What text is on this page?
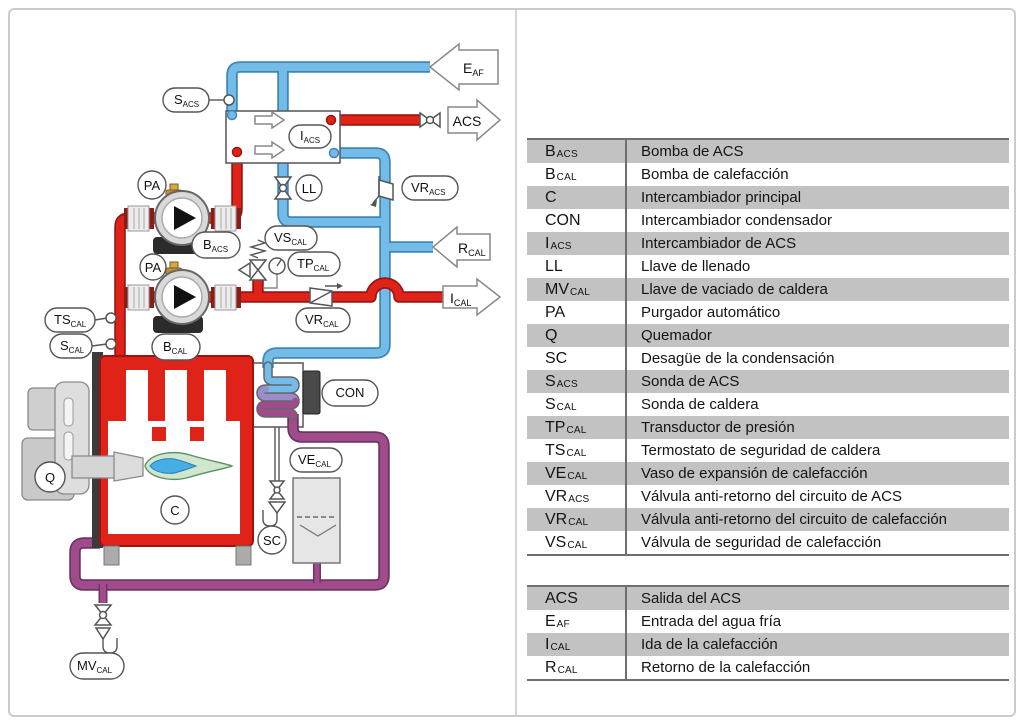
$E_{AF}$
ACS
$R_{CAL}$
$I_{CAL}$
$S_{ACS}$
$I_{ACS}$
LL	$VR_{ACS}$
PA
PA
$B_{ACS}$
$VS_{CAL}$
$TP_{CAL}$
$VR_{CAL}$
$TS_{CAL}$
$S_{CAL}$	$B_{CAL}$
CON
Q
C
$VE_{CAL}$
SC
$MV_{CAL}$
BACS	Bomba de ACS
BCAL	Bomba de calefacción
C	Intercambiador principal
CON	Intercambiador condensador
IACS	Intercambiador de ACS
LL	Llave de llenado
MVCAL	Llave de vaciado de caldera
PA	Purgador automático
Q	Quemador
SC	Desagüe de la condensación
SACS	Sonda de ACS
SCAL	Sonda de caldera
TPCAL	Transductor de presión
TSCAL	Termostato de seguridad de caldera
VECAL	Vaso de expansión de calefacción
VRACS	Válvula anti-retorno del circuito de ACS
VRCAL	Válvula anti-retorno del circuito de calefacción
VSCAL	Válvula de seguridad de calefacción
ACS	Salida del ACS
EAF	Entrada del agua fría
ICAL	Ida de la calefacción
RCAL	Retorno de la calefacción
